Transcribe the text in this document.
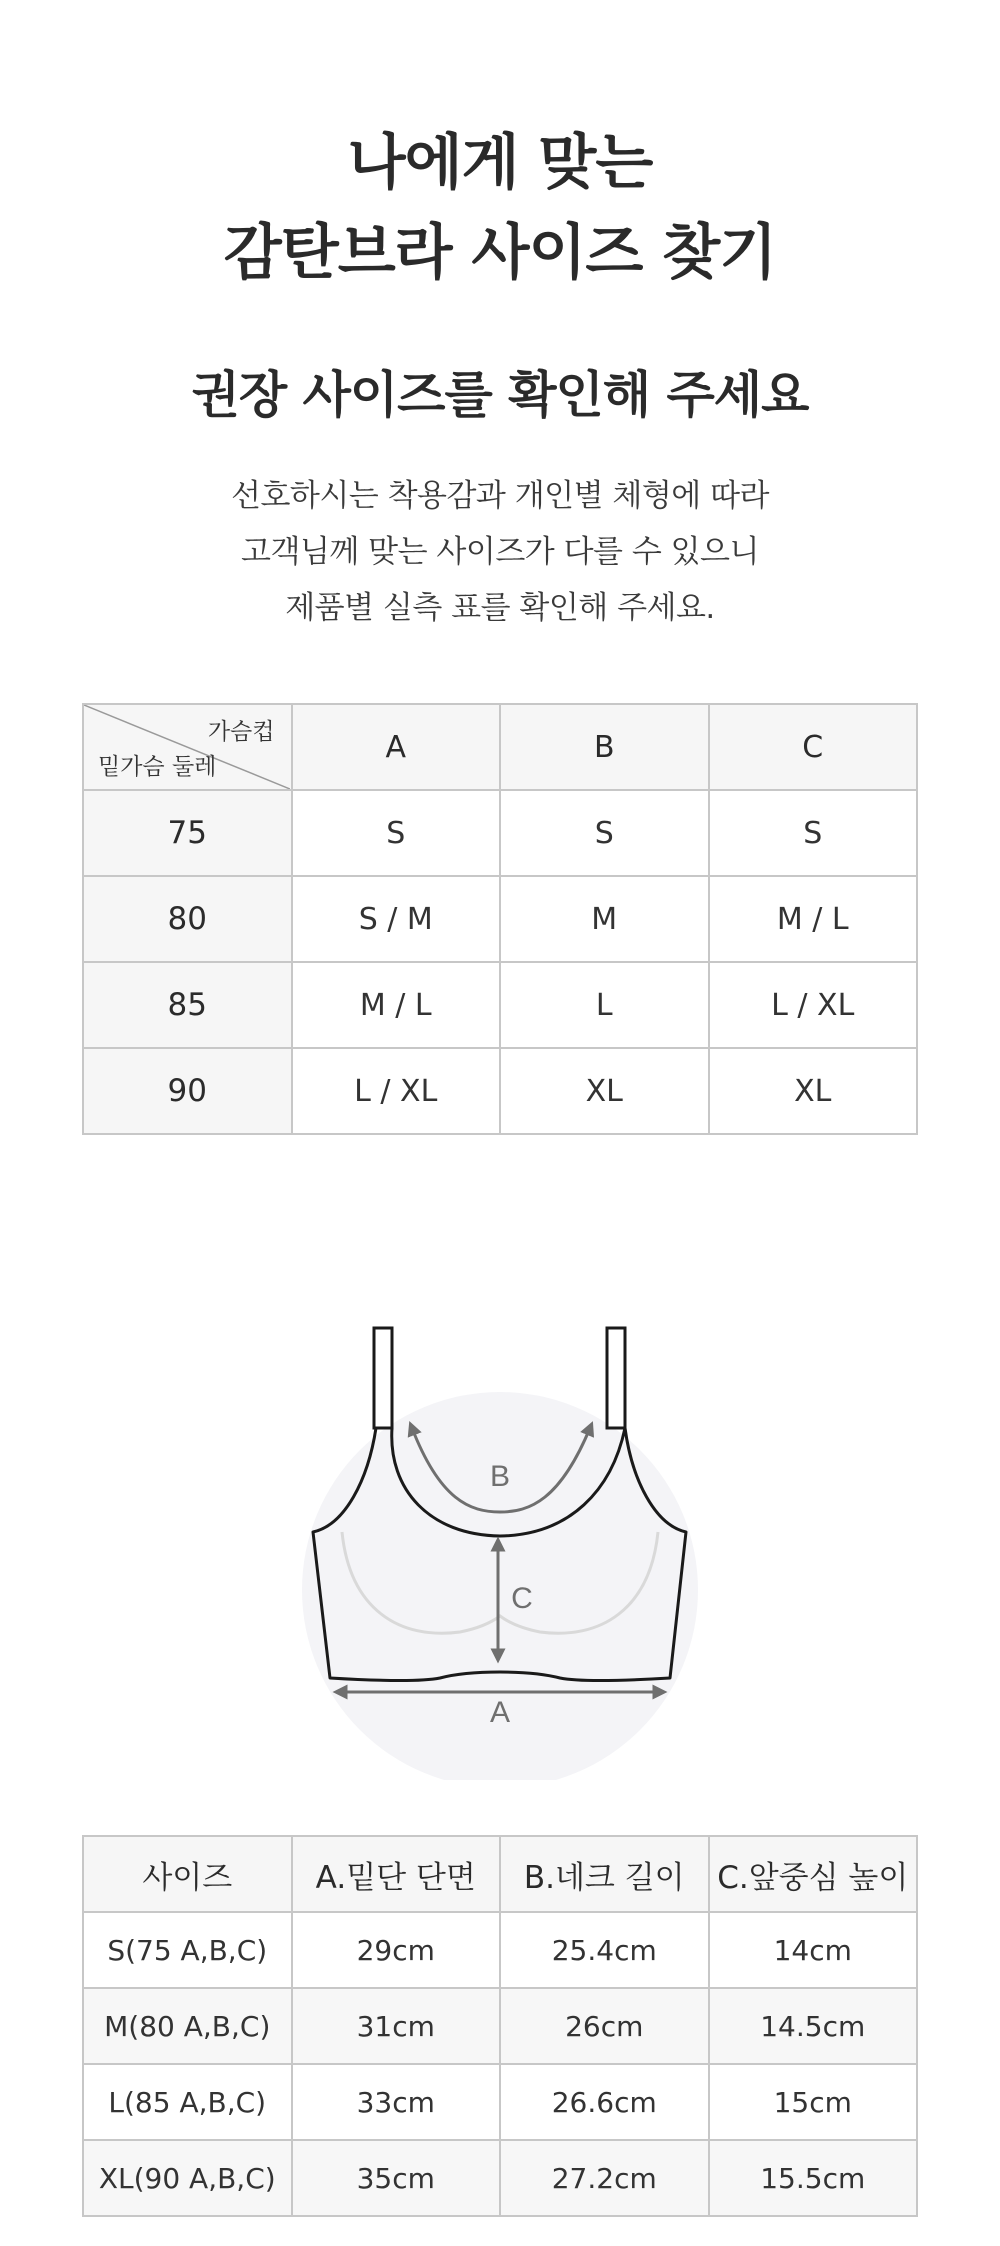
나에게 맞는
감탄브라 사이즈 찾기
권장 사이즈를 확인해 주세요
선호하시는 착용감과 개인별 체형에 따라
고객님께 맞는 사이즈가 다를 수 있으니
제품별 실측 표를 확인해 주세요.
가슴컵
밑가슴 둘레	A	B	C
75	S	S	S
80	S / M	M	M / L
85	M / L	L	L / XL
90	L / XL	XL	XL
B
C
A
사이즈	A.밑단 단면	B.네크 길이	C.앞중심 높이
S(75 A,B,C)	29cm	25.4cm	14cm
M(80 A,B,C)	31cm	26cm	14.5cm
L(85 A,B,C)	33cm	26.6cm	15cm
XL(90 A,B,C)	35cm	27.2cm	15.5cm
